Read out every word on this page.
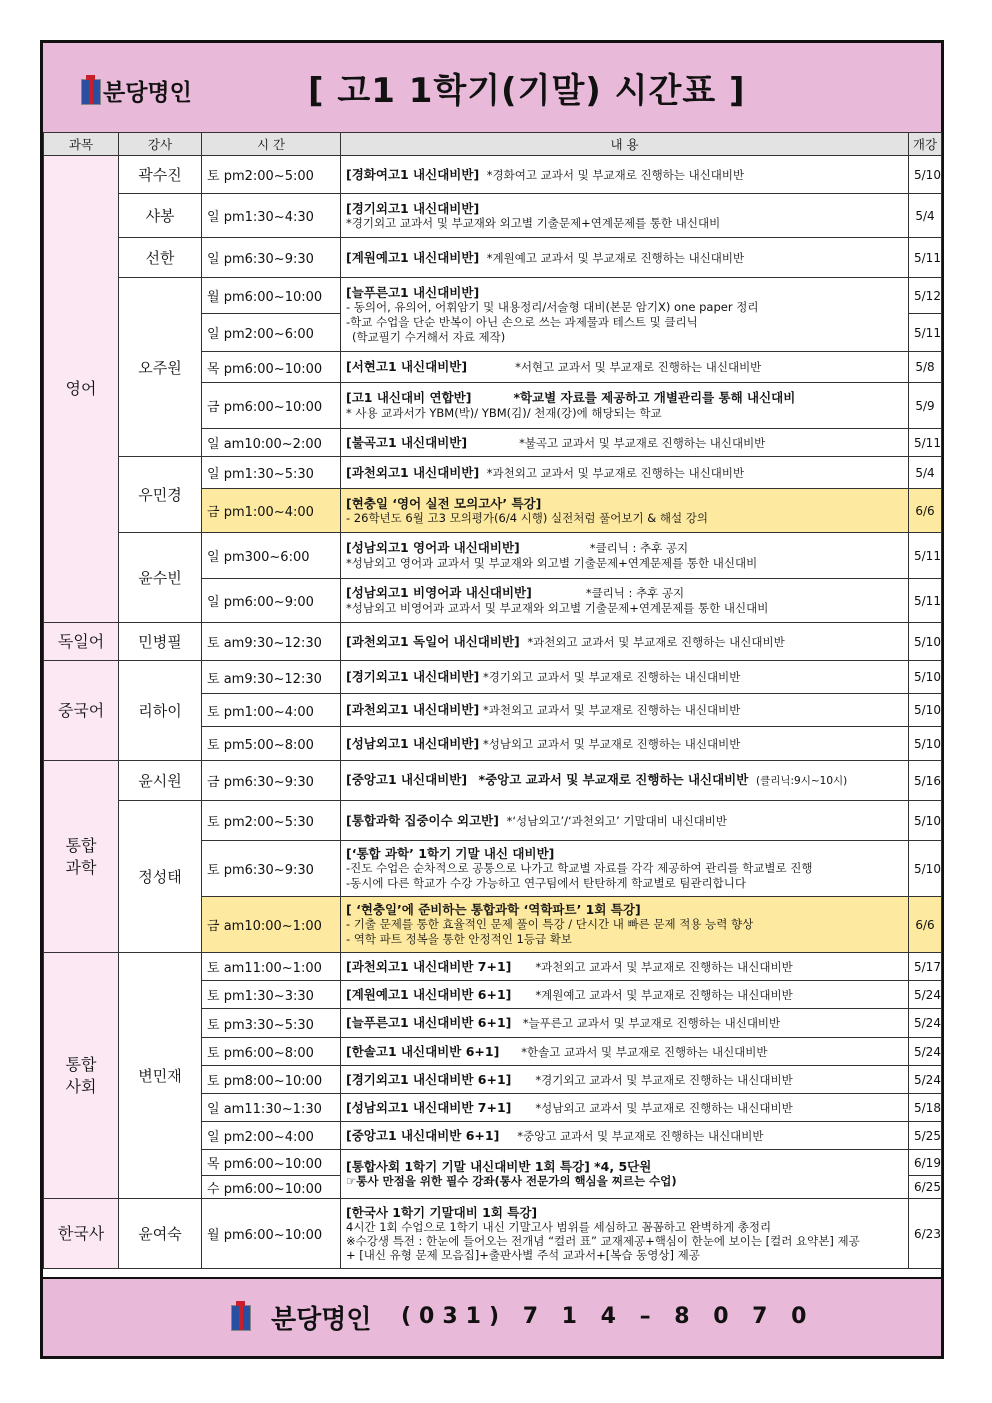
분당명인	[ 고1 1학기(기말) 시간표 ]
과목	강사	시 간	내 용	개강
영어	곽수진	토 pm2:00~5:00	[경화여고1 내신대비반] *경화여고 교과서 및 부교재로 진행하는 내신대비반	5/10
	샤봉	일 pm1:30~4:30	[경기외고1 내신대비반]
*경기외고 교과서 및 부교재와 외고별 기출문제+연계문제를 통한 내신대비	5/4
	선한	일 pm6:30~9:30	[계원예고1 내신대비반] *계원예고 교과서 및 부교재로 진행하는 내신대비반	5/11
	오주원	월 pm6:00~10:00	[늘푸른고1 내신대비반]
- 동의어, 유의어, 어휘암기 및 내용정리/서술형 대비(본문 암기X) one paper 정리
-학교 수업을 단순 반복이 아닌 손으로 쓰는 과제물과 테스트 및 클리닉
(학교필기 수거해서 자료 제작)	5/12
		일 pm2:00~6:00		5/11
		목 pm6:00~10:00	[서현고1 내신대비반] *서현고 교과서 및 부교재로 진행하는 내신대비반	5/8
		금 pm6:00~10:00	[고1 내신대비 연합반] *학교별 자료를 제공하고 개별관리를 통해 내신대비
* 사용 교과서가 YBM(박)/ YBM(김)/ 천재(강)에 해당되는 학교	5/9
		일 am10:00~2:00	[불곡고1 내신대비반] *불곡고 교과서 및 부교재로 진행하는 내신대비반	5/11
	우민경	일 pm1:30~5:30	[과천외고1 내신대비반] *과천외고 교과서 및 부교재로 진행하는 내신대비반	5/4
		금 pm1:00~4:00	[현충일 ‘영어 실전 모의고사’ 특강]
- 26학년도 6월 고3 모의평가(6/4 시행) 실전처럼 풀어보기 & 해설 강의	6/6
	윤수빈	일 pm300~6:00	[성남외고1 영어과 내신대비반] *클리닉 : 추후 공지
*성남외고 영어과 교과서 및 부교재와 외고별 기출문제+연계문제를 통한 내신대비	5/11
		일 pm6:00~9:00	[성남외고1 비영어과 내신대비반] *클리닉 : 추후 공지
*성남외고 비영어과 교과서 및 부교재와 외고별 기출문제+연계문제를 통한 내신대비	5/11
독일어	민병필	토 am9:30~12:30	[과천외고1 독일어 내신대비반] *과천외고 교과서 및 부교재로 진행하는 내신대비반	5/10
중국어	리하이	토 am9:30~12:30	[경기외고1 내신대비반] *경기외고 교과서 및 부교재로 진행하는 내신대비반	5/10
		토 pm1:00~4:00	[과천외고1 내신대비반] *과천외고 교과서 및 부교재로 진행하는 내신대비반	5/10
		토 pm5:00~8:00	[성남외고1 내신대비반] *성남외고 교과서 및 부교재로 진행하는 내신대비반	5/10
통합 과학	윤시원	금 pm6:30~9:30	[중앙고1 내신대비반] *중앙고 교과서 및 부교재로 진행하는 내신대비반 (클리닉:9시~10시)	5/16
	정성태	토 pm2:00~5:30	[통합과학 집중이수 외고반] *‘성남외고’/‘과천외고’ 기말대비 내신대비반	5/10
		토 pm6:30~9:30	[‘통합 과학’ 1학기 기말 내신 대비반]
-진도 수업은 순차적으로 공통으로 나가고 학교별 자료를 각각 제공하여 관리를 학교별로 진행
-동시에 다른 학교가 수강 가능하고 연구팀에서 탄탄하게 학교별로 팀관리합니다	5/10
		금 am10:00~1:00	[ ‘현충일’에 준비하는 통합과학 ‘역학파트’ 1회 특강]
- 기출 문제를 통한 효율적인 문제 풀이 특강 / 단시간 내 빠른 문제 적용 능력 향상
- 역학 파트 정복을 통한 안정적인 1등급 확보	6/6
통합 사회	변민재	토 am11:00~1:00	[과천외고1 내신대비반 7+1] *과천외고 교과서 및 부교재로 진행하는 내신대비반	5/17
		토 pm1:30~3:30	[계원예고1 내신대비반 6+1] *계원예고 교과서 및 부교재로 진행하는 내신대비반	5/24
		토 pm3:30~5:30	[늘푸른고1 내신대비반 6+1] *늘푸른고 교과서 및 부교재로 진행하는 내신대비반	5/24
		토 pm6:00~8:00	[한솔고1 내신대비반 6+1] *한솔고 교과서 및 부교재로 진행하는 내신대비반	5/24
		토 pm8:00~10:00	[경기외고1 내신대비반 6+1] *경기외고 교과서 및 부교재로 진행하는 내신대비반	5/24
		일 am11:30~1:30	[성남외고1 내신대비반 7+1] *성남외고 교과서 및 부교재로 진행하는 내신대비반	5/18
		일 pm2:00~4:00	[중앙고1 내신대비반 6+1] *중앙고 교과서 및 부교재로 진행하는 내신대비반	5/25
		목 pm6:00~10:00	[통합사회 1학기 기말 내신대비반 1회 특강] *4, 5단원
☞통사 만점을 위한 필수 강좌(통사 전문가의 핵심을 찌르는 수업)	6/19
		수 pm6:00~10:00		6/25
한국사	윤여숙	월 pm6:00~10:00	[한국사 1학기 기말대비 1회 특강]
4시간 1회 수업으로 1학기 내신 기말고사 범위를 세심하고 꼼꼼하고 완벽하게 총정리
※수강생 특전 : 한눈에 들어오는 전개념 “컬러 표” 교재제공+핵심이 한눈에 보이는 [컬러 요약본] 제공
+ [내신 유형 문제 모음집]+출판사별 주석 교과서+[복습 동영상] 제공	6/23
분당명인 (031) 7 1 4 – 8 0 7 0
